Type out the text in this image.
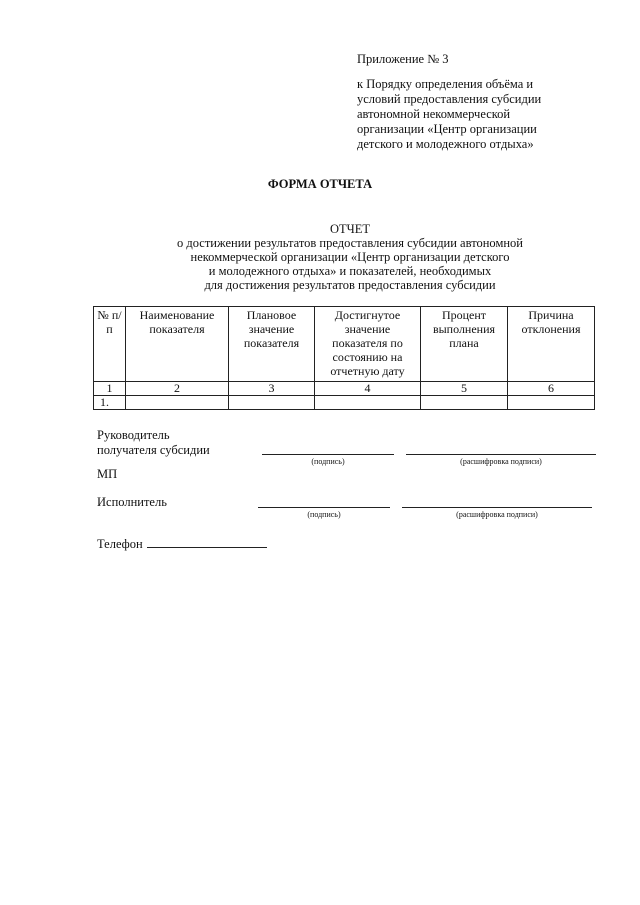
Приложение № 3
к Порядку определения объёма и
условий предоставления субсидии
автономной некоммерческой
организации «Центр организации
детского и молодежного отдыха»
ФОРМА ОТЧЕТА
ОТЧЕТ
о достижении результатов предоставления субсидии автономной
некоммерческой организации «Центр организации детского
и молодежного отдыха» и показателей, необходимых
для достижения результатов предоставления субсидии
№ п/п	Наименование показателя	Плановое значение показателя	Достигнутое значение показателя по состоянию на отчетную дату	Процент выполнения плана	Причина отклонения
1	2	3	4	5	6
1.					
Руководитель
получателя субсидии
(подпись)	(расшифровка подписи)
МП
Исполнитель
(подпись)	(расшифровка подписи)
Телефон
